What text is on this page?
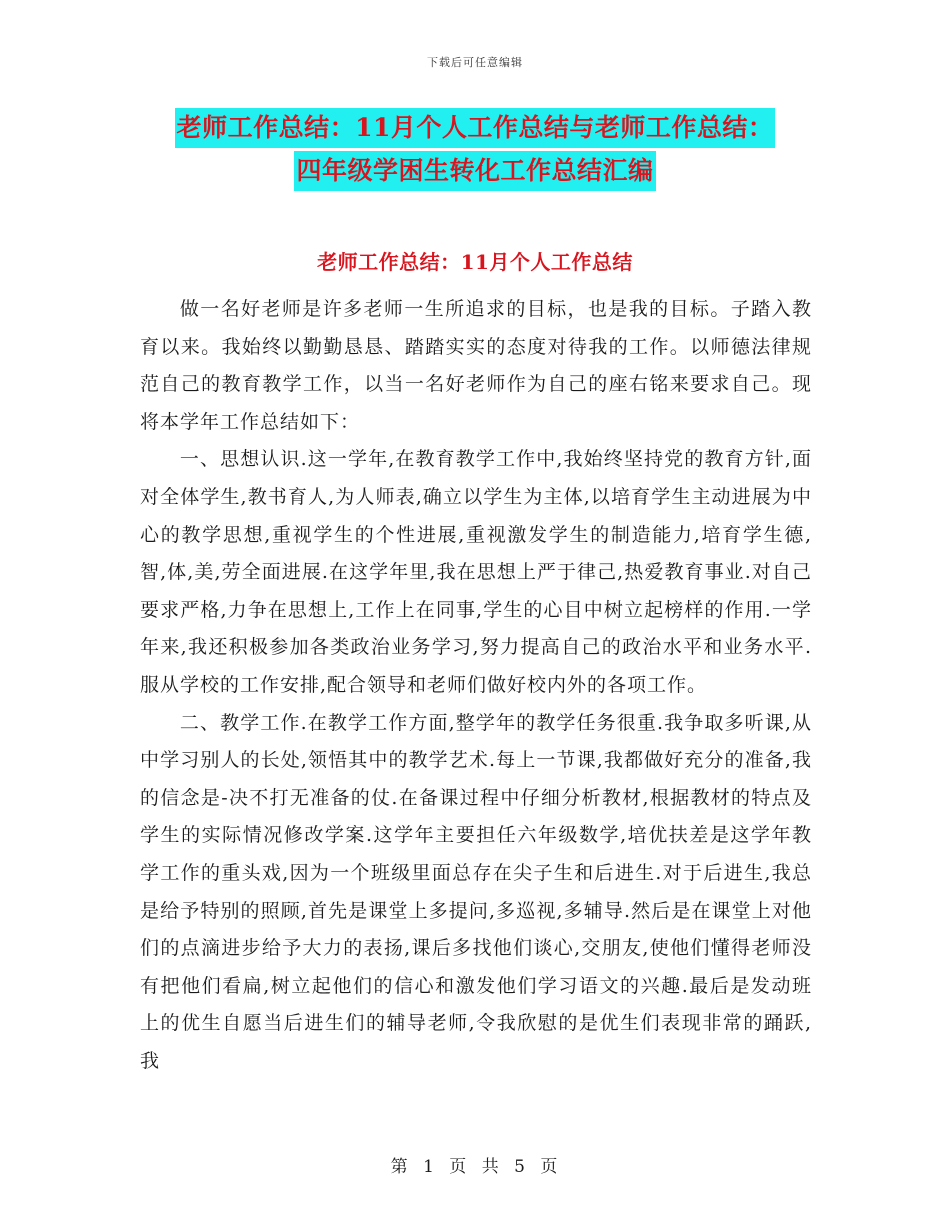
下载后可任意编辑
老师工作总结：11月个人工作总结与老师工作总结：
四年级学困生转化工作总结汇编
老师工作总结：11月个人工作总结

做一名好老师是许多老师一生所追求的目标，也是我的目标。子踏入教育以来。我始终以勤勤恳恳、踏踏实实的态度对待我的工作。以师德法律规范自己的教育教学工作，以当一名好老师作为自己的座右铭来要求自己。现将本学年工作总结如下：

一、思想认识.这一学年,在教育教学工作中,我始终坚持党的教育方针,面对全体学生,教书育人,为人师表,确立以学生为主体,以培育学生主动进展为中心的教学思想,重视学生的个性进展,重视激发学生的制造能力,培育学生德,智,体,美,劳全面进展.在这学年里,我在思想上严于律己,热爱教育事业.对自己要求严格,力争在思想上,工作上在同事,学生的心目中树立起榜样的作用.一学年来,我还积极参加各类政治业务学习,努力提高自己的政治水平和业务水平.服从学校的工作安排,配合领导和老师们做好校内外的各项工作。

二、教学工作.在教学工作方面,整学年的教学任务很重.我争取多听课,从中学习别人的长处,领悟其中的教学艺术.每上一节课,我都做好充分的准备,我的信念是-决不打无准备的仗.在备课过程中仔细分析教材,根据教材的特点及学生的实际情况修改学案.这学年主要担任六年级数学,培优扶差是这学年教学工作的重头戏,因为一个班级里面总存在尖子生和后进生.对于后进生,我总是给予特别的照顾,首先是课堂上多提问,多巡视,多辅导.然后是在课堂上对他们的点滴进步给予大力的表扬,课后多找他们谈心,交朋友,使他们懂得老师没有把他们看扁,树立起他们的信心和激发他们学习语文的兴趣.最后是发动班上的优生自愿当后进生们的辅导老师,令我欣慰的是优生们表现非常的踊跃,我

第 1 页 共 5 页
